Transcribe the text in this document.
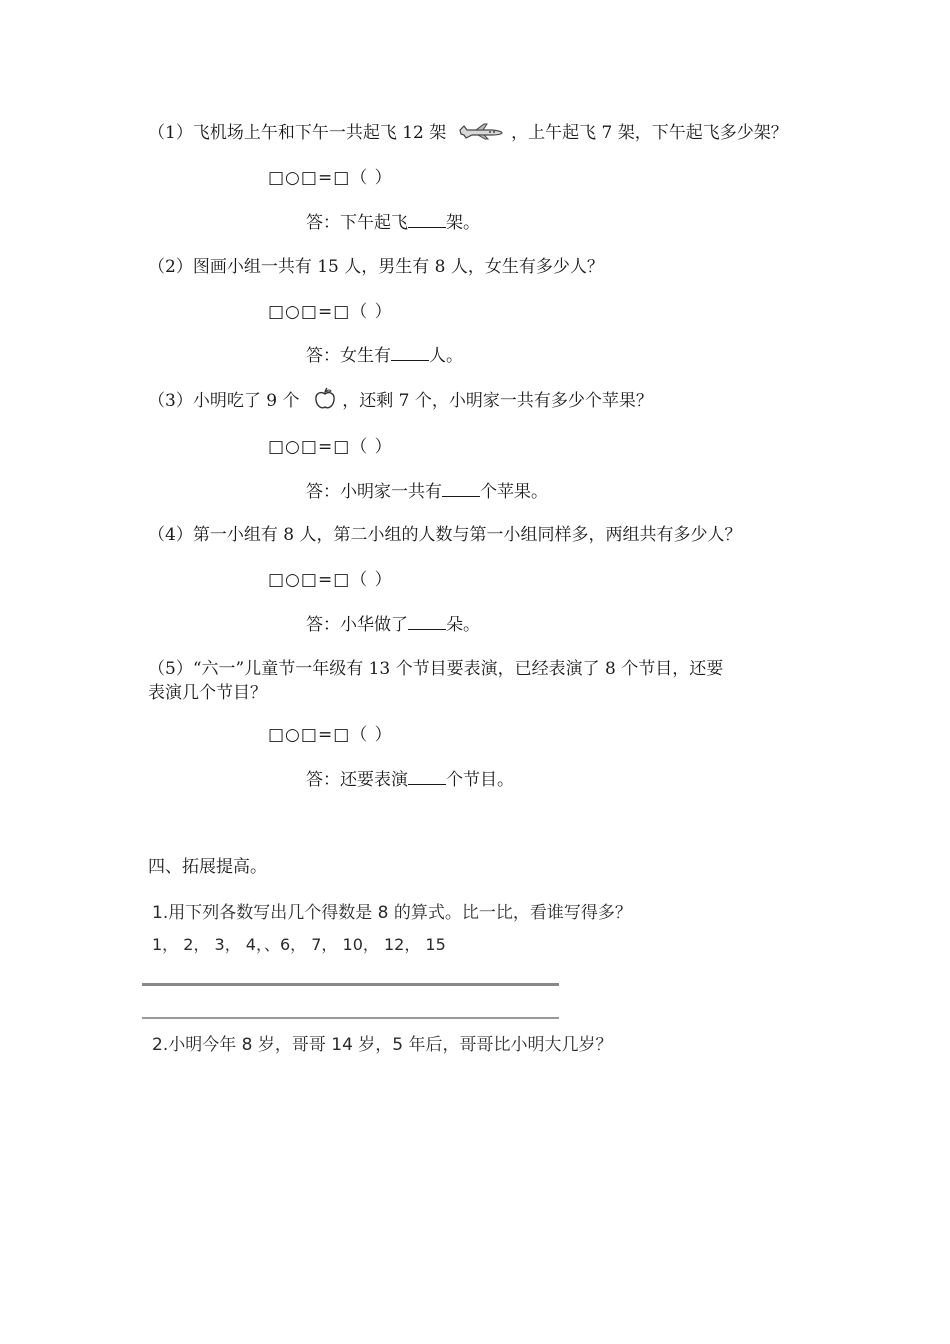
（1）飞机场上午和下午一共起飞 12 架	，上午起飞 7 架，下午起飞多少架？
□○□=□（ ）
答：下午起飞 架。
（2）图画小组一共有 15 人，男生有 8 人，女生有多少人？
□○□=□（ ）
答：女生有 人。
（3）小明吃了 9 个	，还剩 7 个，小明家一共有多少个苹果？
□○□=□（ ）
答：小明家一共有 个苹果。
（4）第一小组有 8 人，第二小组的人数与第一小组同样多，两组共有多少人？
□○□=□（ ）
答：小华做了 朵。
（5）“六一”儿童节一年级有 13 个节目要表演，已经表演了 8 个节目，还要
表演几个节目？
□○□=□（ ）
答：还要表演 个节目。
四、拓展提高。
1.用下列各数写出几个得数是 8 的算式。比一比，看谁写得多？
1， 2， 3， 4，、6， 7， 10， 12， 15
2.小明今年 8 岁，哥哥 14 岁，5 年后，哥哥比小明大几岁？
